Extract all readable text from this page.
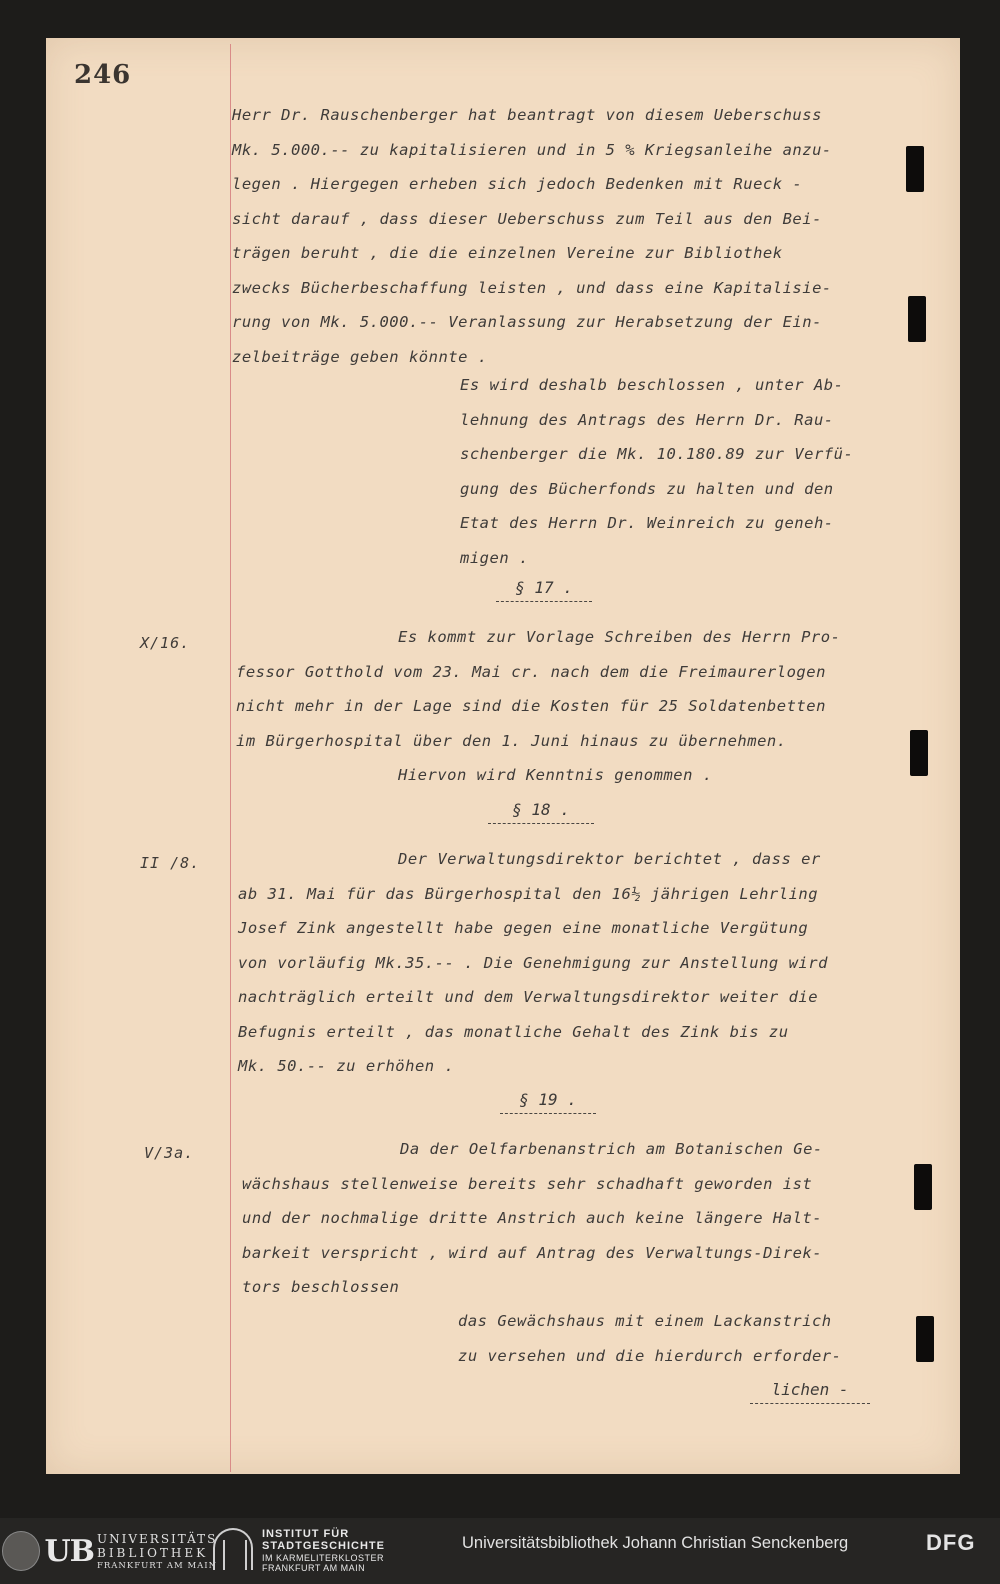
246
Herr Dr. Rauschenberger hat beantragt von diesem Ueberschuss
Mk. 5.000.-- zu kapitalisieren und in 5 % Kriegsanleihe anzu-
legen . Hiergegen erheben sich jedoch Bedenken mit Rueck -
sicht darauf , dass dieser Ueberschuss zum Teil aus den Bei-
trägen beruht , die die einzelnen Vereine zur Bibliothek
zwecks Bücherbeschaffung leisten , und dass eine Kapitalisie-
rung von Mk. 5.000.-- Veranlassung zur Herabsetzung der Ein-
zelbeiträge geben könnte .
Es wird deshalb beschlossen , unter Ab-
lehnung des Antrags des Herrn Dr. Rau-
schenberger die Mk. 10.180.89 zur Verfü-
gung des Bücherfonds zu halten und den
Etat des Herrn Dr. Weinreich zu geneh-
migen .
§ 17 .
X/16.	Es kommt zur Vorlage Schreiben des Herrn Pro-
fessor Gotthold vom 23. Mai cr. nach dem die Freimaurerlogen
nicht mehr in der Lage sind die Kosten für 25 Soldatenbetten
im Bürgerhospital über den 1. Juni hinaus zu übernehmen.
Hiervon wird Kenntnis genommen .
§ 18 .
II /8.	Der Verwaltungsdirektor berichtet , dass er
ab 31. Mai für das Bürgerhospital den 16½ jährigen Lehrling
Josef Zink angestellt habe gegen eine monatliche Vergütung
von vorläufig Mk.35.-- . Die Genehmigung zur Anstellung wird
nachträglich erteilt und dem Verwaltungsdirektor weiter die
Befugnis erteilt , das monatliche Gehalt des Zink bis zu
Mk. 50.-- zu erhöhen .
§ 19 .
V/3a.	Da der Oelfarbenanstrich am Botanischen Ge-
wächshaus stellenweise bereits sehr schadhaft geworden ist
und der nochmalige dritte Anstrich auch keine längere Halt-
barkeit verspricht , wird auf Antrag des Verwaltungs-Direk-
tors beschlossen
das Gewächshaus mit einem Lackanstrich
zu versehen und die hierdurch erforder-
lichen -
UB UNIVERSITÄTS
BIBLIOTHEK
FRANKFURT AM MAIN
INSTITUT FÜR
STADTGESCHICHTE
IM KARMELITERKLOSTER
FRANKFURT AM MAIN
Universitätsbibliothek Johann Christian Senckenberg	DFG
